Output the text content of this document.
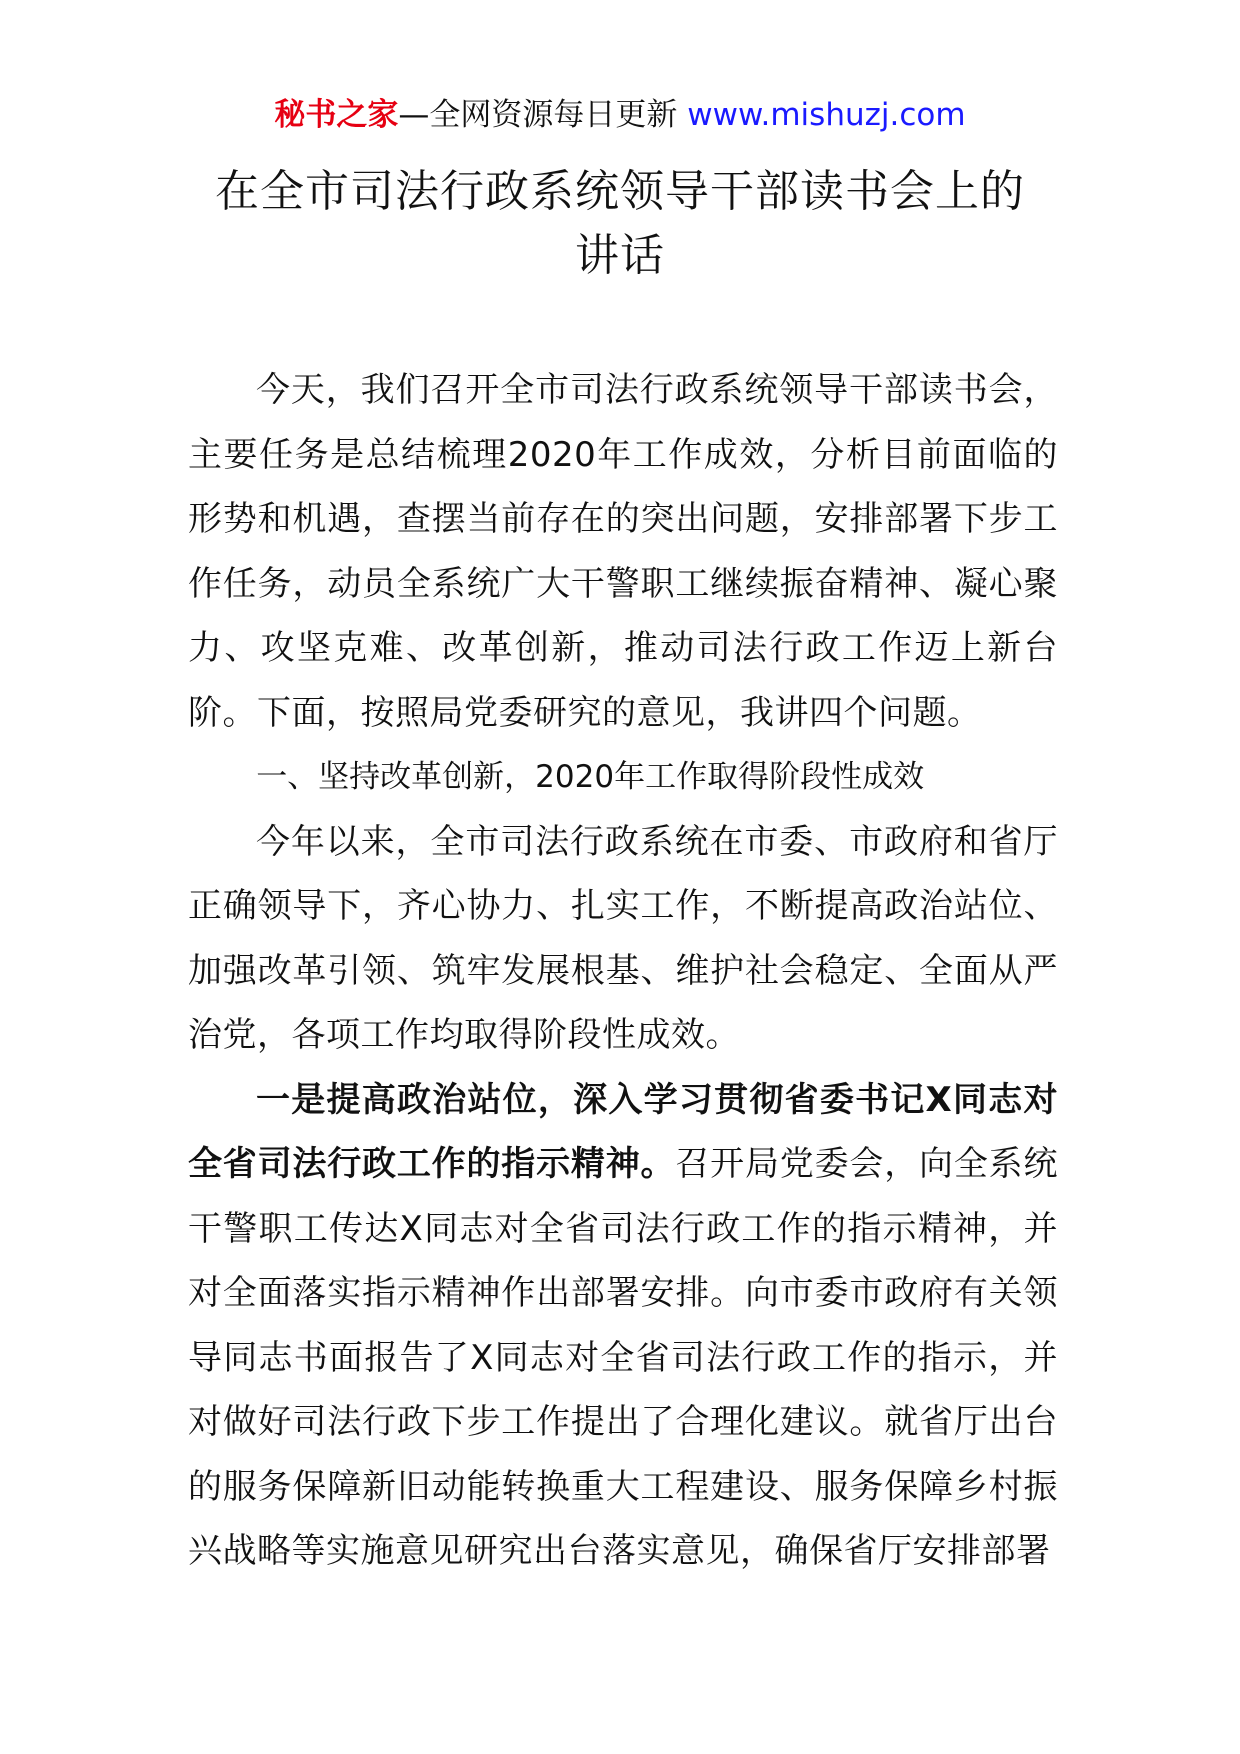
秘书之家—全网资源每日更新 www.mishuzj.com
在全市司法行政系统领导干部读书会上的
讲话

今天，我们召开全市司法行政系统领导干部读书会，主要任务是总结梳理2020年工作成效，分析目前面临的形势和机遇，查摆当前存在的突出问题，安排部署下步工作任务，动员全系统广大干警职工继续振奋精神、凝心聚力、攻坚克难、改革创新，推动司法行政工作迈上新台阶。下面，按照局党委研究的意见，我讲四个问题。

一、坚持改革创新，2020年工作取得阶段性成效

今年以来，全市司法行政系统在市委、市政府和省厅正确领导下，齐心协力、扎实工作，不断提高政治站位、加强改革引领、筑牢发展根基、维护社会稳定、全面从严治党，各项工作均取得阶段性成效。

一是提高政治站位，深入学习贯彻省委书记X同志对全省司法行政工作的指示精神。召开局党委会，向全系统干警职工传达X同志对全省司法行政工作的指示精神，并对全面落实指示精神作出部署安排。向市委市政府有关领导同志书面报告了X同志对全省司法行政工作的指示，并对做好司法行政下步工作提出了合理化建议。就省厅出台的服务保障新旧动能转换重大工程建设、服务保障乡村振兴战略等实施意见研究出台落实意见，确保省厅安排部署
